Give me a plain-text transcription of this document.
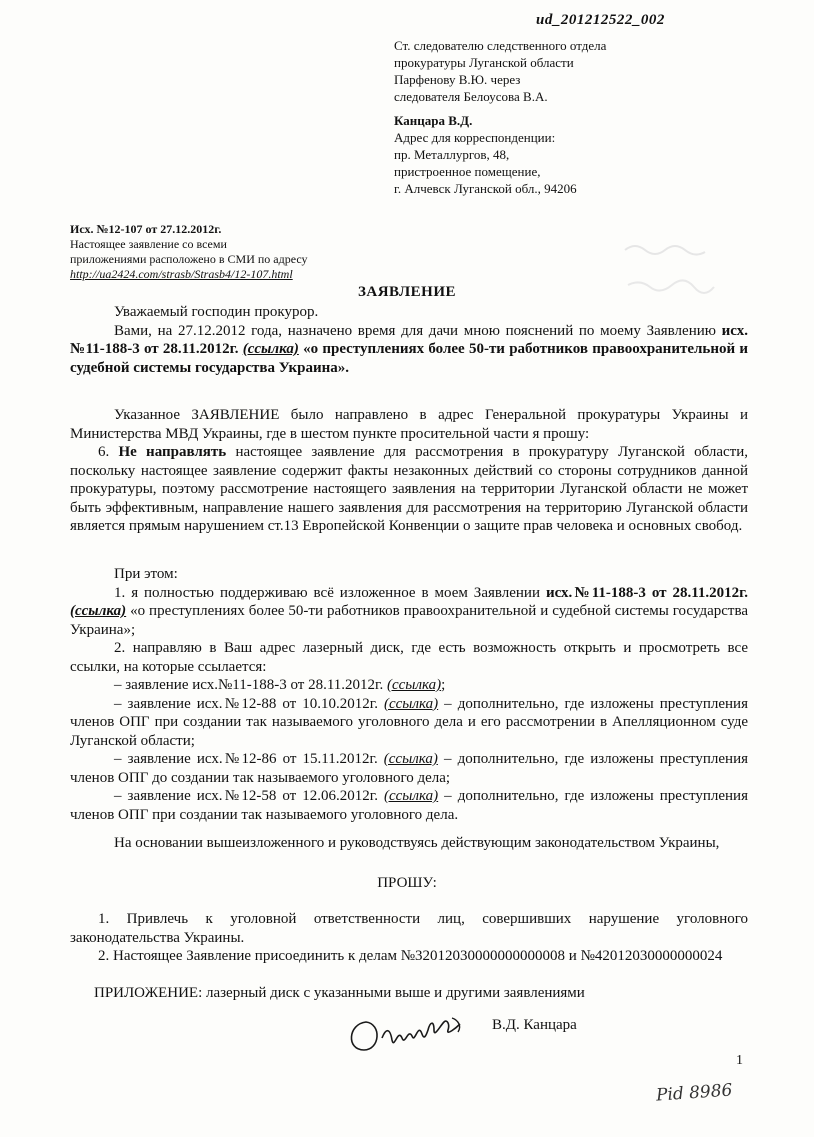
ud_201212522_002
Ст. следователю следственного отдела
прокуратуры Луганской области
Парфенову В.Ю. через
следователя Белоусова В.А.
Канцара В.Д.
Адрес для корреспонденции:
пр. Металлургов, 48,
пристроенное помещение,
г. Алчевск Луганской обл., 94206
Исх. №12-107 от 27.12.2012г.
Настоящее заявление со всеми
приложениями расположено в СМИ по адресу
http://ua2424.com/strasb/Strasb4/12-107.html
ЗАЯВЛЕНИЕ

Уважаемый господин прокурор.

Вами, на 27.12.2012 года, назначено время для дачи мною пояснений по моему Заявлению исх.№11-188-3 от 28.11.2012г. (ссылка) «о преступлениях более 50-ти работников правоохранительной и судебной системы государства Украина».

Указанное ЗАЯВЛЕНИЕ было направлено в адрес Генеральной прокуратуры Украины и Министерства МВД Украины, где в шестом пункте просительной части я прошу:

6. Не направлять настоящее заявление для рассмотрения в прокуратуру Луганской области, поскольку настоящее заявление содержит факты незаконных действий со стороны сотрудников данной прокуратуры, поэтому рассмотрение настоящего заявления на территории Луганской области не может быть эффективным, направление нашего заявления для рассмотрения на территорию Луганской области является прямым нарушением ст.13 Европейской Конвенции о защите прав человека и основных свобод.

При этом:

1. я полностью поддерживаю всё изложенное в моем Заявлении исх.№11-188-3 от 28.11.2012г. (ссылка) «о преступлениях более 50-ти работников правоохранительной и судебной системы государства Украина»;

2. направляю в Ваш адрес лазерный диск, где есть возможность открыть и просмотреть все ссылки, на которые ссылается:

– заявление исх.№11-188-3 от 28.11.2012г. (ссылка);

– заявление исх.№12-88 от 10.10.2012г. (ссылка) – дополнительно, где изложены преступления членов ОПГ при создании так называемого уголовного дела и его рассмотрении в Апелляционном суде Луганской области;

– заявление исх.№12-86 от 15.11.2012г. (ссылка) – дополнительно, где изложены преступления членов ОПГ до создании так называемого уголовного дела;

– заявление исх.№12-58 от 12.06.2012г. (ссылка) – дополнительно, где изложены преступления членов ОПГ при создании так называемого уголовного дела.

На основании вышеизложенного и руководствуясь действующим законодательством Украины,

ПРОШУ:

1. Привлечь к уголовной ответственности лиц, совершивших нарушение уголовного законодательства Украины.

2. Настоящее Заявление присоединить к делам №32012030000000000008 и №42012030000000024

ПРИЛОЖЕНИЕ: лазерный диск с указанными выше и другими заявлениями

В.Д. Канцара
1
Pid 8986
